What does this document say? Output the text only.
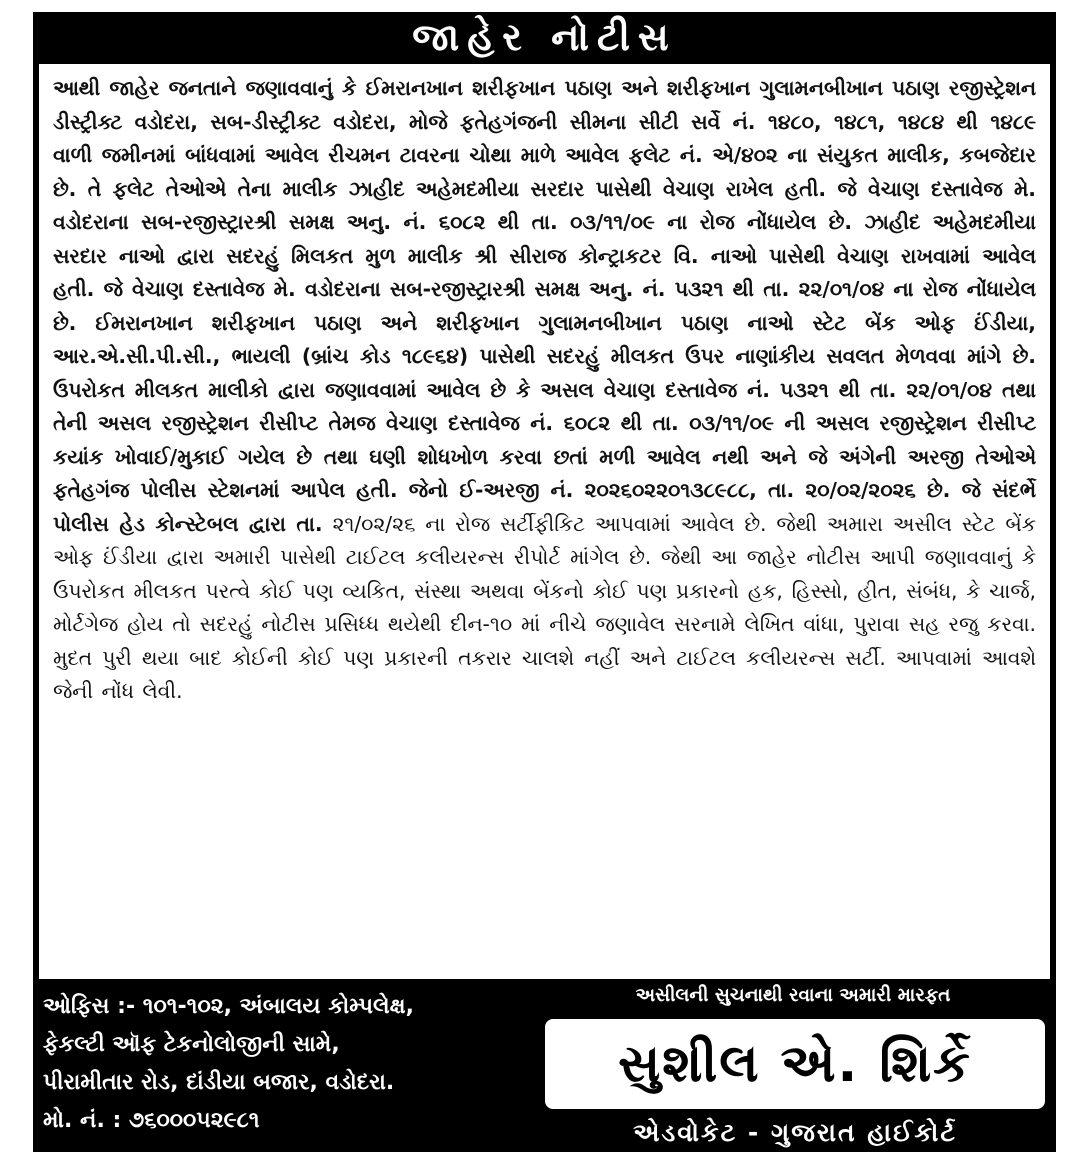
જાહેર નોટીસ

આથી જાહેર જનતાને જણાવવાનું કે ઈમરાનખાન શરીફખાન પઠાણ અને શરીફખાન ગુલામનબીખાન પઠાણ રજીસ્ટ્રેશન ડીસ્ટ્રીક્ટ વડોદરા, સબ-ડીસ્ટ્રીક્ટ વડોદરા, મોજે ફતેહગંજની સીમના સીટી સર્વે નં. ૧૪૮૦, ૧૪૮૧, ૧૪૮૪ થી ૧૪૮૯ વાળી જમીનમાં બાંધવામાં આવેલ રીચમન ટાવરના ચોથા માળે આવેલ ફલેટ નં. એ/૪૦૨ ના સંયુકત માલીક, કબજેદાર છે. તે ફલેટ તેઓએ તેના માલીક ઝાહીદ અહેમદમીયા સરદાર પાસેથી વેચાણ રાખેલ હતી. જે વેચાણ દસ્તાવેજ મે. વડોદરાના સબ-રજીસ્ટ્રારશ્રી સમક્ષ અનુ. નં. ૬૦૮૨ થી તા. ૦૩/૧૧/૦૯ ના રોજ નોંધાયેલ છે. ઝાહીદ અહેમદમીયા સરદાર નાઓ દ્વારા સદરહું મિલકત મુળ માલીક શ્રી સીરાજ કોન્ટ્રાકટર વિ. નાઓ પાસેથી વેચાણ રાખવામાં આવેલ હતી. જે વેચાણ દસ્તાવેજ મે. વડોદરાના સબ-રજીસ્ટ્રારશ્રી સમક્ષ અનુ. નં. ૫૩૨૧ થી તા. ૨૨/૦૧/૦૪ ના રોજ નોંધાયેલ છે. ઈમરાનખાન શરીફખાન પઠાણ અને શરીફખાન ગુલામનબીખાન પઠાણ નાઓ સ્ટેટ બેંક ઓફ ઈંડીયા, આર.એ.સી.પી.સી., ભાયલી (બ્રાંચ કોડ ૧૮૯૬૪) પાસેથી સદરહું મીલકત ઉપર નાણાંકીય સવલત મેળવવા માંગે છે. ઉપરોકત મીલકત માલીકો દ્વારા જણાવવામાં આવેલ છે કે અસલ વેચાણ દસ્તાવેજ નં. ૫૩૨૧ થી તા. ૨૨/૦૧/૦૪ તથા તેની અસલ રજીસ્ટ્રેશન રીસીપ્ટ તેમજ વેચાણ દસ્તાવેજ નં. ૬૦૮૨ થી તા. ૦૩/૧૧/૦૯ ની અસલ રજીસ્ટ્રેશન રીસીપ્ટ કયાંક ખોવાઈ/મુકાઈ ગયેલ છે તથા ઘણી શોધખોળ કરવા છતાં મળી આવેલ નથી અને જે અંગેની અરજી તેઓએ ફતેહગંજ પોલીસ સ્ટેશનમાં આપેલ હતી. જેનો ઈ-અરજી નં. ૨૦૨૬૦૨૨૦૧૩૮૯૮૮, તા. ૨૦/૦૨/૨૦૨૬ છે. જે સંદર્ભે પોલીસ હેડ કોન્સ્ટેબલ દ્વારા તા. ૨૧/૦૨/૨૬ ના રોજ સર્ટીફીકિટ આપવામાં આવેલ છે. જેથી અમારા અસીલ સ્ટેટ બેંક ઓફ ઈંડીયા દ્વારા અમારી પાસેથી ટાઈટલ કલીયરન્સ રીપોર્ટ માંગેલ છે. જેથી આ જાહેર નોટીસ આપી જણાવવાનું કે ઉપરોકત મીલકત પરત્વે કોઈ પણ વ્યકિત, સંસ્થા અથવા બેંકનો કોઈ પણ પ્રકારનો હક, હિસ્સો, હીત, સંબંધ, કે ચાર્જ, મોર્ટગેજ હોય તો સદરહું નોટીસ પ્રસિધ્ધ થયેથી દીન-૧૦ માં નીચે જણાવેલ સરનામે લેખિત વાંધા, પુરાવા સહ રજુ કરવા. મુદત પુરી થયા બાદ કોઈની કોઈ પણ પ્રકારની તકરાર ચાલશે નહીં અને ટાઈટલ કલીયરન્સ સર્ટી. આપવામાં આવશે જેની નોંધ લેવી.

ઓફિસ :- ૧૦૧-૧૦૨, અંબાલય કોમ્પલેક્ષ,
ફેકલ્ટી ઑફ ટેકનોલોજીની સામે,
પીરામીતાર રોડ, દાંડીયા બજાર, વડોદરા.
મો. નં. : ૭૬૦૦૦૫૨૯૮૧
અસીલની સુચનાથી રવાના અમારી મારફત
સુશીલ એ. શિર્કે
એડવોકેટ - ગુજરાત હાઈકોર્ટ
